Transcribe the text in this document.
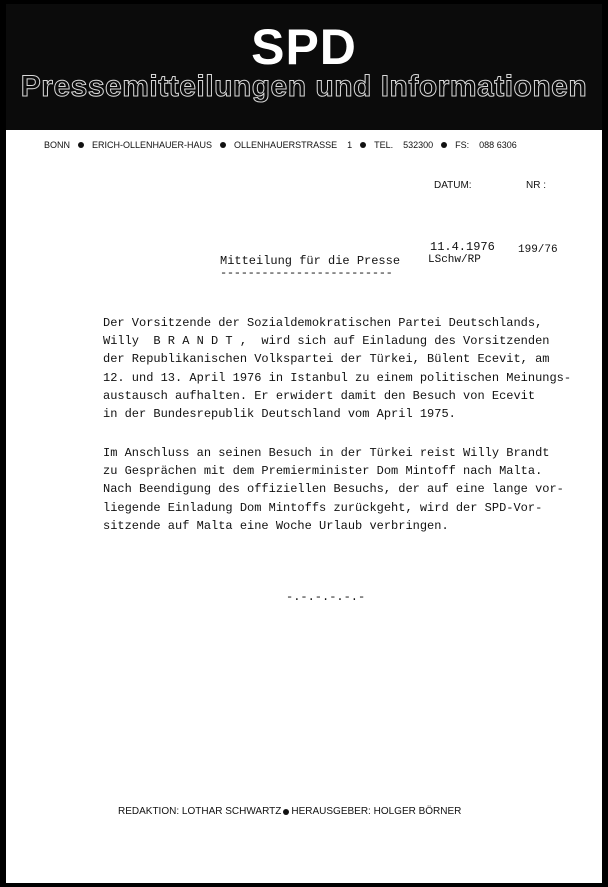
SPD
Pressemitteilungen und Informationen
BONN ERICH-OLLENHAUER-HAUS OLLENHAUERSTRASSE 1 TEL. 532300 FS: 088 6306
DATUM:	NR :
11.4.1976 199/76
LSchw/RP
Mitteilung für die Presse
-------------------------

Der Vorsitzende der Sozialdemokratischen Partei Deutschlands,
Willy  B R A N D T ,  wird sich auf Einladung des Vorsitzenden
der Republikanischen Volkspartei der Türkei, Bülent Ecevit, am
12. und 13. April 1976 in Istanbul zu einem politischen Meinungs-
austausch aufhalten. Er erwidert damit den Besuch von Ecevit
in der Bundesrepublik Deutschland vom April 1975.

Im Anschluss an seinen Besuch in der Türkei reist Willy Brandt
zu Gesprächen mit dem Premierminister Dom Mintoff nach Malta.
Nach Beendigung des offiziellen Besuchs, der auf eine lange vor-
liegende Einladung Dom Mintoffs zurückgeht, wird der SPD-Vor-
sitzende auf Malta eine Woche Urlaub verbringen.

-.-.-.-.-.-
REDAKTION: LOTHAR SCHWARTZ HERAUSGEBER: HOLGER BÖRNER
